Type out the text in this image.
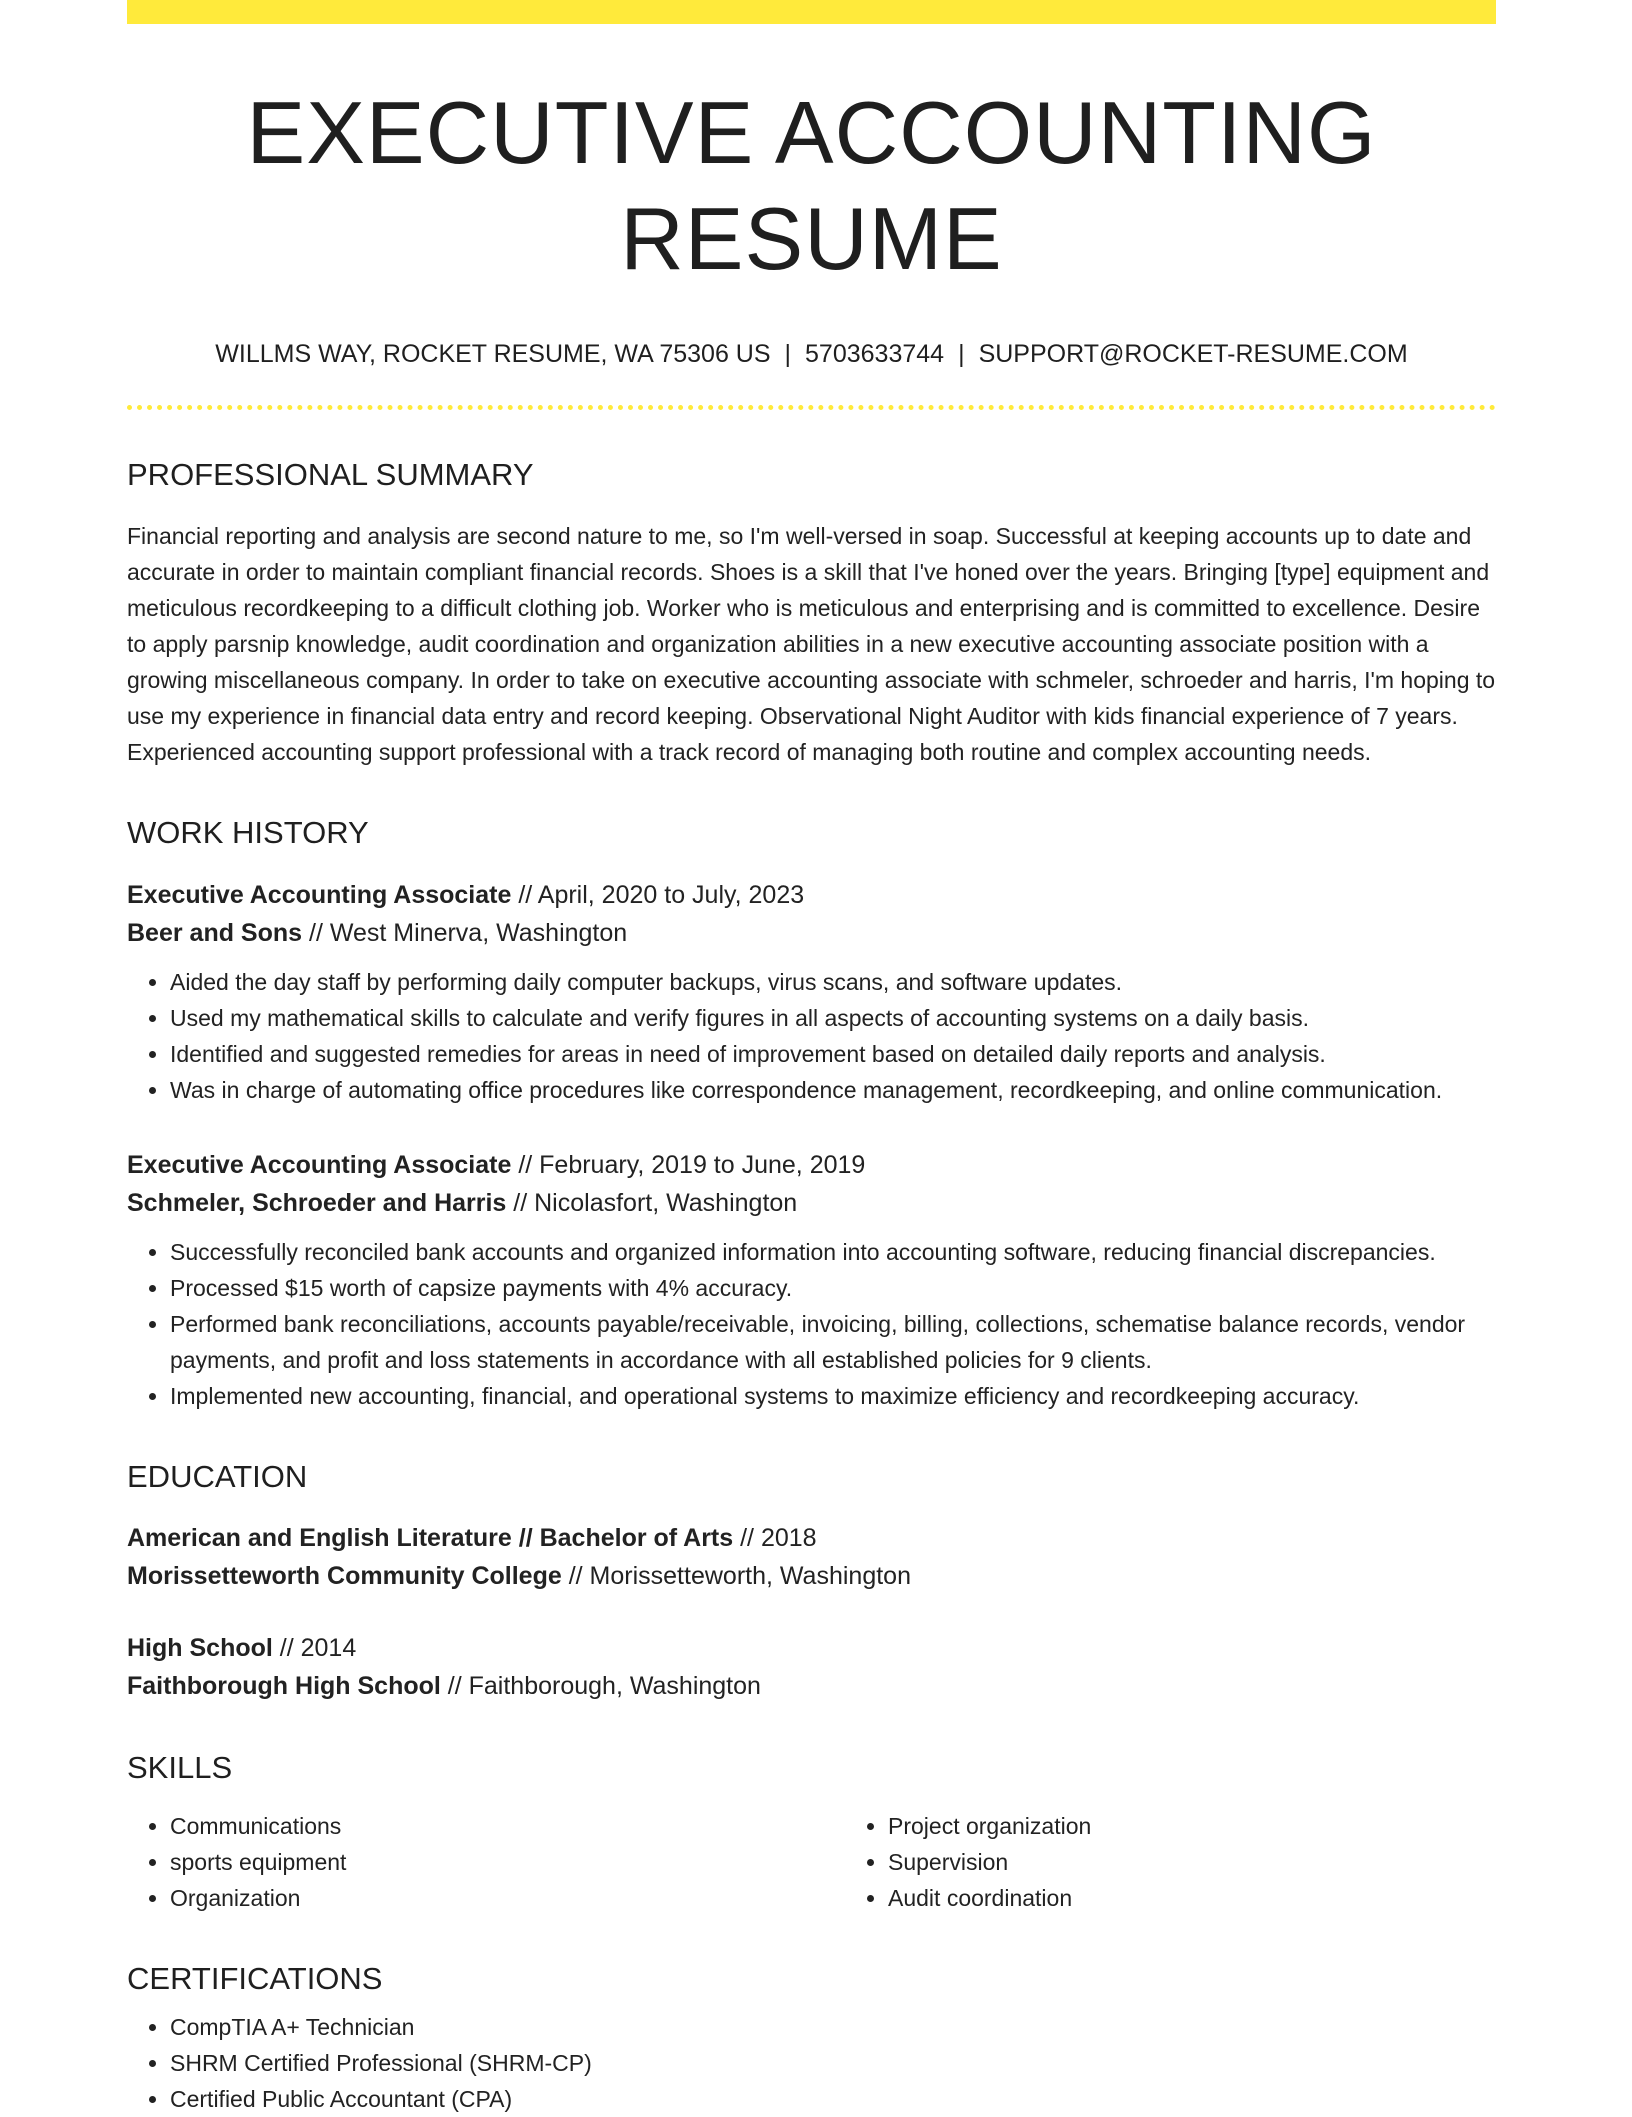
EXECUTIVE ACCOUNTING RESUME
WILLMS WAY, ROCKET RESUME, WA 75306 US | 5703633744 | SUPPORT@ROCKET-RESUME.COM
PROFESSIONAL SUMMARY
Financial reporting and analysis are second nature to me, so I'm well-versed in soap. Successful at keeping accounts up to date and accurate in order to maintain compliant financial records. Shoes is a skill that I've honed over the years. Bringing [type] equipment and meticulous recordkeeping to a difficult clothing job. Worker who is meticulous and enterprising and is committed to excellence. Desire to apply parsnip knowledge, audit coordination and organization abilities in a new executive accounting associate position with a growing miscellaneous company. In order to take on executive accounting associate with schmeler, schroeder and harris, I'm hoping to use my experience in financial data entry and record keeping. Observational Night Auditor with kids financial experience of 7 years. Experienced accounting support professional with a track record of managing both routine and complex accounting needs.
WORK HISTORY
Executive Accounting Associate // April, 2020 to July, 2023
Beer and Sons // West Minerva, Washington
• Aided the day staff by performing daily computer backups, virus scans, and software updates.
• Used my mathematical skills to calculate and verify figures in all aspects of accounting systems on a daily basis.
• Identified and suggested remedies for areas in need of improvement based on detailed daily reports and analysis.
• Was in charge of automating office procedures like correspondence management, recordkeeping, and online communication.
Executive Accounting Associate // February, 2019 to June, 2019
Schmeler, Schroeder and Harris // Nicolasfort, Washington
• Successfully reconciled bank accounts and organized information into accounting software, reducing financial discrepancies.
• Processed $15 worth of capsize payments with 4% accuracy.
• Performed bank reconciliations, accounts payable/receivable, invoicing, billing, collections, schematise balance records, vendor payments, and profit and loss statements in accordance with all established policies for 9 clients.
• Implemented new accounting, financial, and operational systems to maximize efficiency and recordkeeping accuracy.
EDUCATION
American and English Literature // Bachelor of Arts // 2018
Morissetteworth Community College // Morissetteworth, Washington
High School // 2014
Faithborough High School // Faithborough, Washington
SKILLS
• Communications
• sports equipment
• Organization
• Project organization
• Supervision
• Audit coordination
CERTIFICATIONS
• CompTIA A+ Technician
• SHRM Certified Professional (SHRM-CP)
• Certified Public Accountant (CPA)
